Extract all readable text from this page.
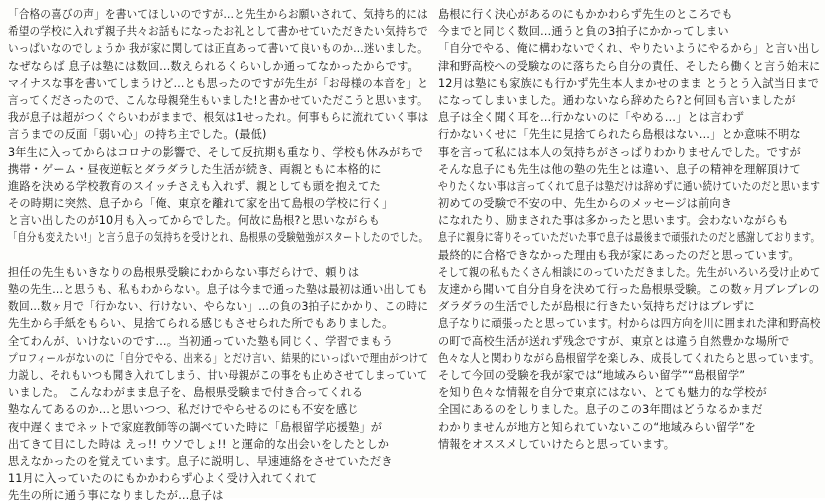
「合格の喜びの声」を書いてほしいのですが…と先生からお願いされて、気持ち的には
希望の学校に入れず親子共々お話もになったお礼として書かせていただきたい気持ちで
いっぱいなのでしょうか 我が家に関しては正直あって書いて良いものか…迷いました。
なぜならば 息子は塾には数回…数えられるくらいしか通ってなかったからです。
マイナスな事を書いてしまうけど…とも思ったのですが先生が「お母様の本音を」と
言ってくださったので、こんな母親発生もいました!と書かせていただこうと思います。
我が息子は超がつくぐらいわがままで、根気は1せったれ。何事もらに流れていく事は
言うまでの反面「弱い心」の持ち主でした。(最低)
3年生に入ってからはコロナの影響で、そして反抗期も重なり、学校も休みがちで
携帯・ゲーム・昼夜逆転とダラダラした生活が続き、両親ともに本格的に
進路を決める学校教育のスイッチさえも入れず、親としても頭を抱えてた
その時期に突然、息子から「俺、東京を離れて家を出て島根の学校に行く」
と言い出したのが10月も入ってからでした。何故に島根?と思いながらも
「自分も変えたい!」と言う息子の気持ちを受けとれ、島根県の受験勉強がスタートしたのでした。
担任の先生もいきなりの島根県受験にわからない事だらけで、頼りは
塾の先生…と思うも、私もわからない。息子は今まで通った塾は最初は通い出しても
数回…数ヶ月で「行かない、行けない、やらない」…の負の3拍子にかかり、この時に
先生から手紙をもらい、見捨てられる感じもさせられた所でもありました。
全てわんが、いけないのです…。当初通っていた塾も同じく、学習でまもう
プロフィールがないのに「自分でやる、出来る」とだけ言い、結果的にいっぱいで理由がつけて
力説し、それもいつも聞き入れてしまう、甘い母親がこの事をも止めさせてしまっていて
いました。 こんなわがまま息子を、島根県受験まで付き合ってくれる
塾なんてあるのか…と思いつつ、私だけでやらせるのにも不安を感じ
夜中遅くまでネットで家庭教師等の調べていた時に「島根留学応援塾」が
出てきて目にした時は えっ!! ウソでしょ!! と運命的な出会いをしたとしか
思えなかったのを覚えています。息子に説明し、早速連絡をさせていただき
11月に入っていたのにもかかわらず心よく受け入れてくれて
先生の所に通う事になりましたが…息子は
島根に行く決心があるのにもかかわらず先生のところでも
今までと同じく数回…通うと負の3拍子にかかってしまい
「自分でやる、俺に構わないでくれ、やりたいようにやるから」と言い出し
津和野高校への受験なのに落ちたら自分の責任、そしたら働くと言う始末に
12月は塾にも家族にも行かず先生本人まかせのまま とうとう入試当日まで
になってしまいました。通わないなら辞めたら?と何回も言いましたが
息子は全く聞く耳を…行かないのに「やめる…」とは言わず
行かないくせに「先生に見捨てられたら島根はない…」とか意味不明な
事を言って私には本人の気持ちがさっぱりわかりませんでした。ですが
そんな息子にも先生は他の塾の先生とは違い、息子の精神を理解頂けて
やりたくない事は言ってくれて息子は塾だけは辞めずに通い続けていたのだと思います
初めての受験で不安の中、先生からのメッセージは前向き
になれたり、励まされた事は多かったと思います。会わないながらも
息子に親身に寄りそっていただいた事で息子は最後まで頑張れたのだと感謝しております。
最終的に合格できなかった理由も我が家にあったのだと思っています。
そして親の私もたくさん相談にのっていただきました。先生がいろいろ受け止めて
友達から聞いて自分自身を決めて行った島根県受験。この数ヶ月ブレブレの
ダラダラの生活でしたが島根に行きたい気持ちだけはブレずに
息子なりに頑張ったと思っています。村からは四方向を川に囲まれた津和野高校
の町で高校生活が送れず残念ですが、東京とは違う自然豊かな場所で
色々な人と関わりながら島根留学を楽しみ、成長してくれたらと思っています。
そして今回の受験を我が家では“地域みらい留学”“島根留学”
を知り色々な情報を自分で東京にはない、とても魅力的な学校が
全国にあるのをしりました。息子のこの3年間はどうなるかまだ
わかりませんが地方と知られていないこの“地域みらい留学”を
情報をオススメしていけたらと思っています。
